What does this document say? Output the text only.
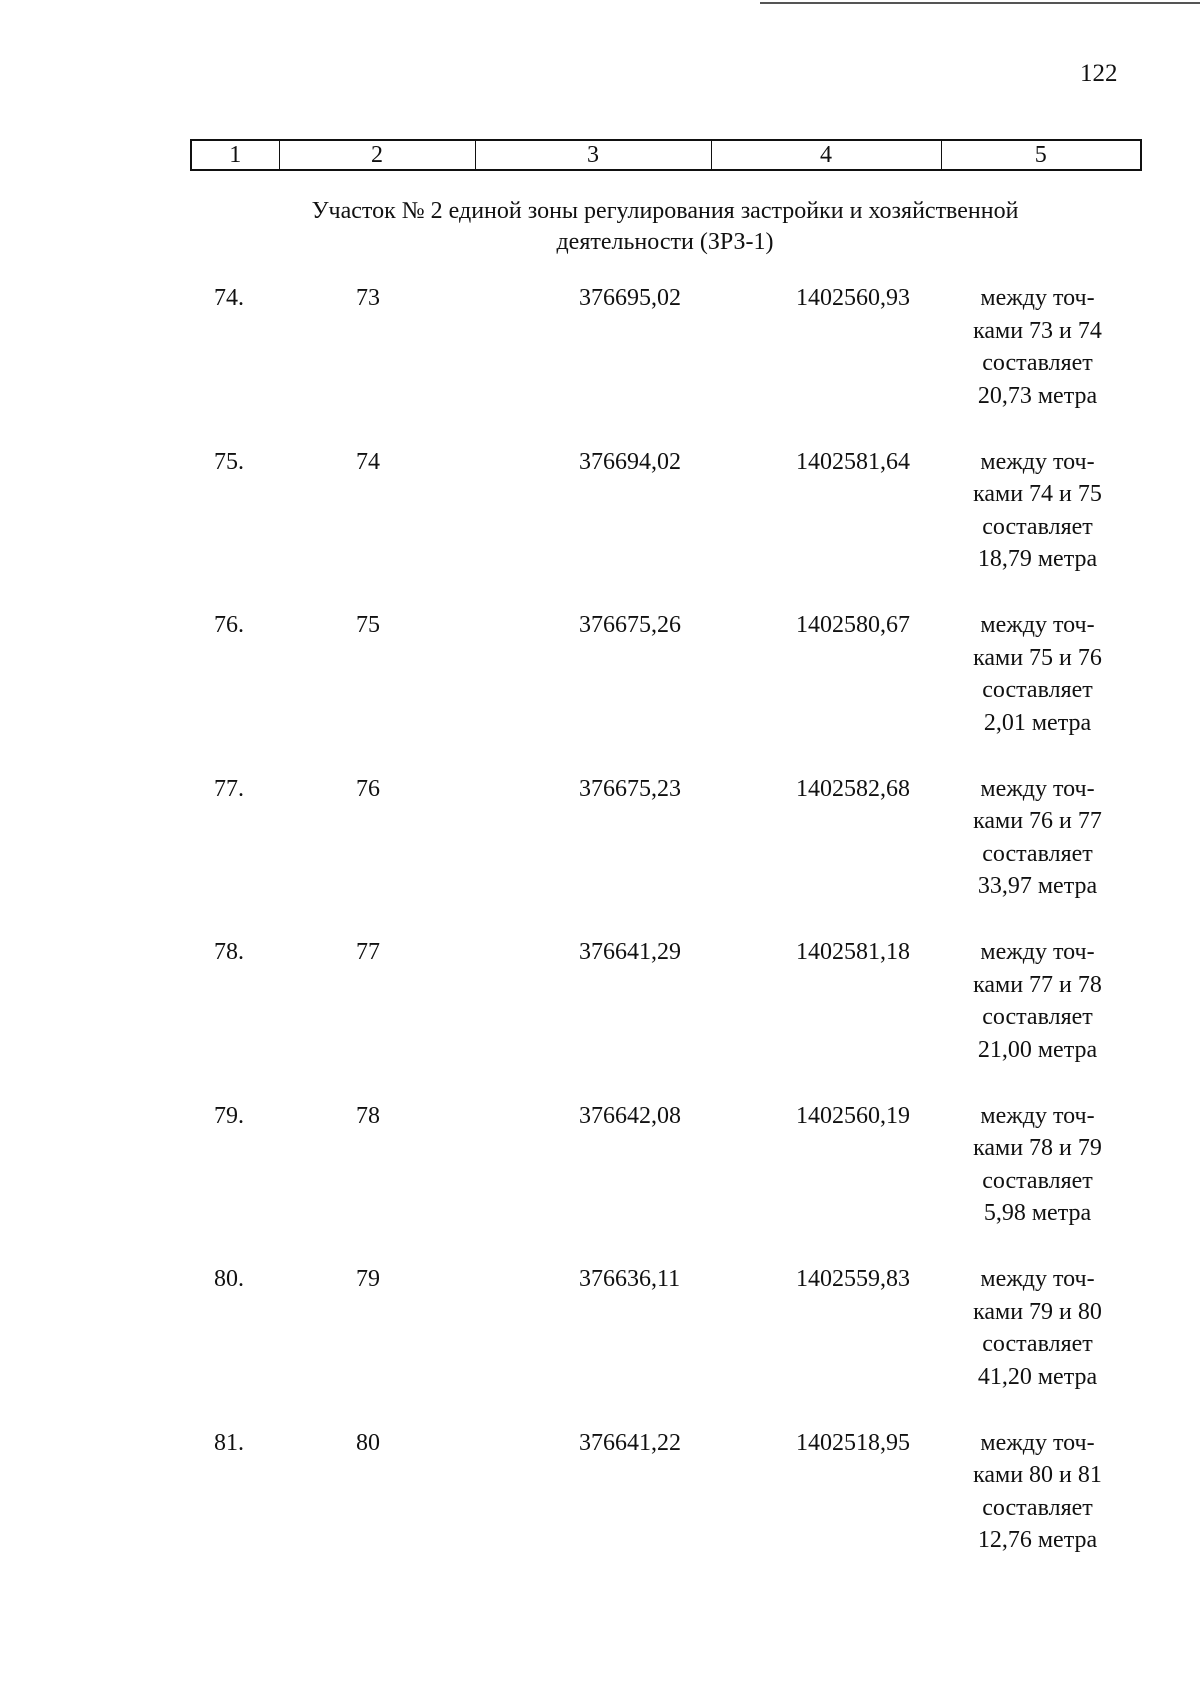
122
1	2	3	4	5
Участок № 2 единой зоны регулирования застройки и хозяйственной
деятельности (ЗРЗ-1)
74.	73	376695,02	1402560,93	между точ-
ками 73 и 74
составляет
20,73 метра
75.	74	376694,02	1402581,64	между точ-
ками 74 и 75
составляет
18,79 метра
76.	75	376675,26	1402580,67	между точ-
ками 75 и 76
составляет
2,01 метра
77.	76	376675,23	1402582,68	между точ-
ками 76 и 77
составляет
33,97 метра
78.	77	376641,29	1402581,18	между точ-
ками 77 и 78
составляет
21,00 метра
79.	78	376642,08	1402560,19	между точ-
ками 78 и 79
составляет
5,98 метра
80.	79	376636,11	1402559,83	между точ-
ками 79 и 80
составляет
41,20 метра
81.	80	376641,22	1402518,95	между точ-
ками 80 и 81
составляет
12,76 метра
